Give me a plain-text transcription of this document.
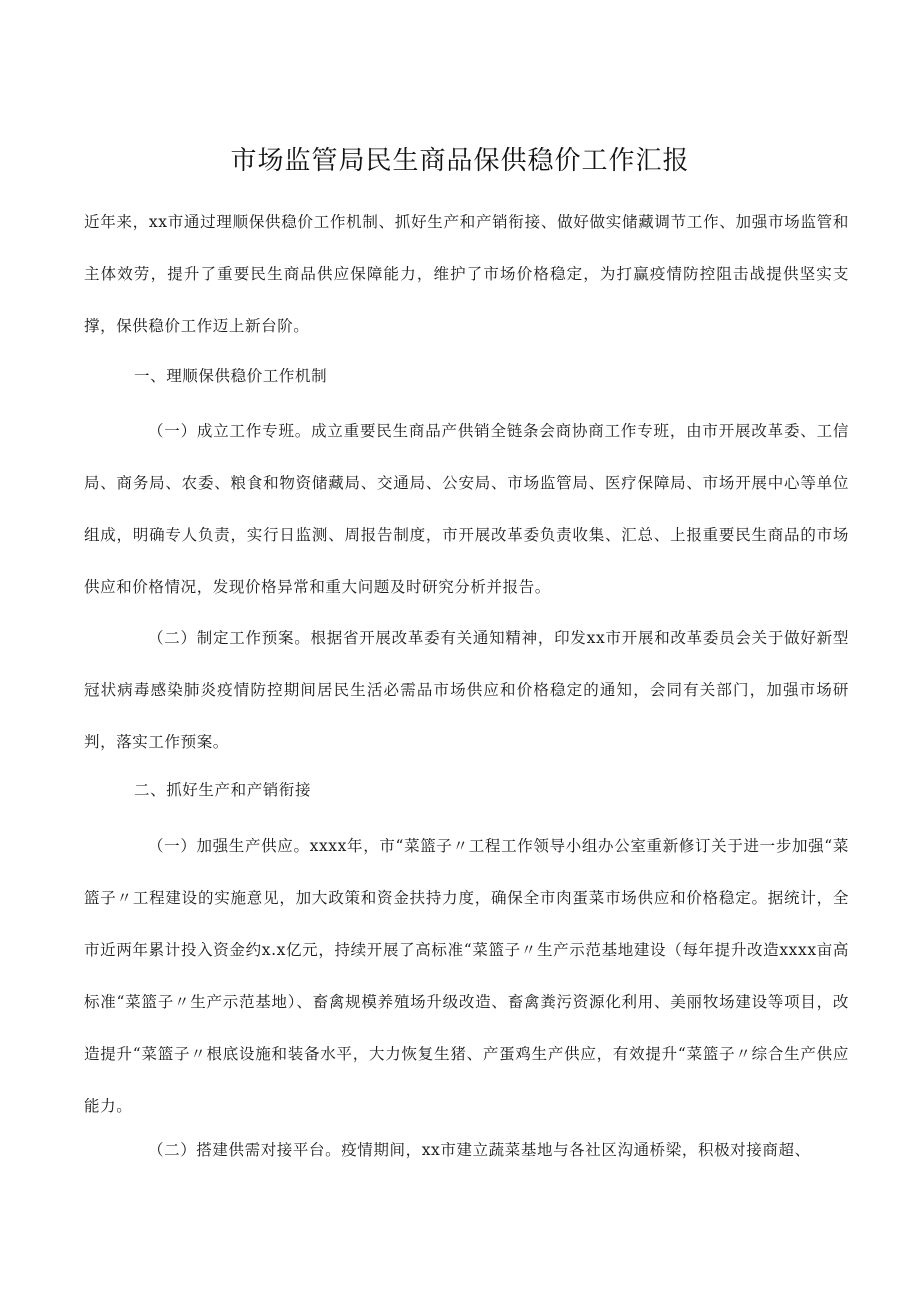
市场监管局民生商品保供稳价工作汇报

近年来，xx市通过理顺保供稳价工作机制、抓好生产和产销衔接、做好做实储藏调节工作、加强市场监管和主体效劳，提升了重要民生商品供应保障能力，维护了市场价格稳定，为打赢疫情防控阻击战提供坚实支撑，保供稳价工作迈上新台阶。

一、理顺保供稳价工作机制

（一）成立工作专班。成立重要民生商品产供销全链条会商协商工作专班，由市开展改革委、工信局、商务局、农委、粮食和物资储藏局、交通局、公安局、市场监管局、医疗保障局、市场开展中心等单位组成，明确专人负责，实行日监测、周报告制度，市开展改革委负责收集、汇总、上报重要民生商品的市场供应和价格情况，发现价格异常和重大问题及时研究分析并报告。

（二）制定工作预案。根据省开展改革委有关通知精神，印发xx市开展和改革委员会关于做好新型冠状病毒感染肺炎疫情防控期间居民生活必需品市场供应和价格稳定的通知，会同有关部门，加强市场研判，落实工作预案。

二、抓好生产和产销衔接

（一）加强生产供应。xxxx年，市“菜篮子〃工程工作领导小组办公室重新修订关于进一步加强“菜篮子〃工程建设的实施意见，加大政策和资金扶持力度，确保全市肉蛋菜市场供应和价格稳定。据统计，全市近两年累计投入资金约x.x亿元，持续开展了高标准“菜篮子〃生产示范基地建设（每年提升改造xxxx亩高标准“菜篮子〃生产示范基地）、畜禽规模养殖场升级改造、畜禽粪污资源化利用、美丽牧场建设等项目，改造提升“菜篮子〃根底设施和装备水平，大力恢复生猪、产蛋鸡生产供应，有效提升“菜篮子〃综合生产供应能力。

（二）搭建供需对接平台。疫情期间，xx市建立蔬菜基地与各社区沟通桥梁，积极对接商超、
